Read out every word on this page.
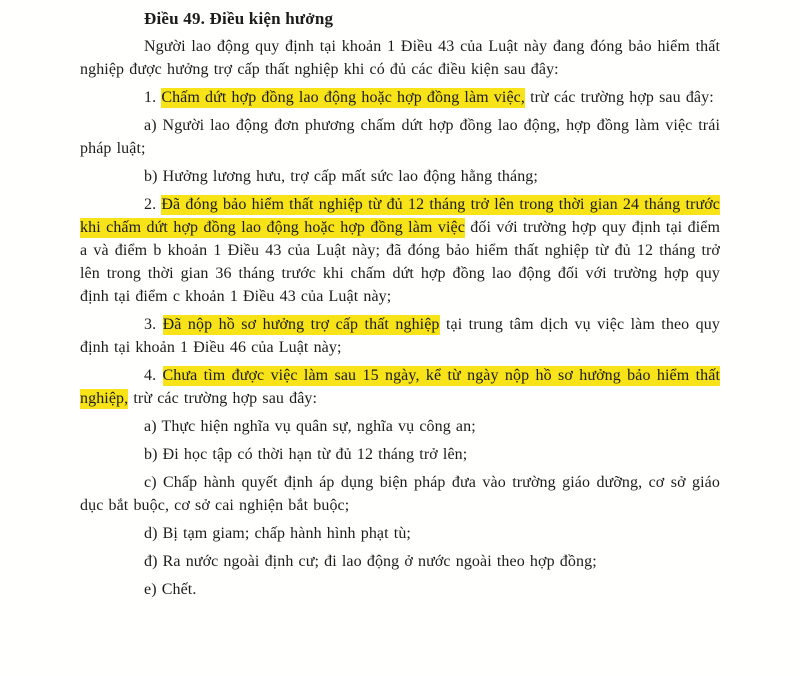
Điều 49. Điều kiện hưởng

Người lao động quy định tại khoản 1 Điều 43 của Luật này đang đóng bảo hiểm thất nghiệp được hưởng trợ cấp thất nghiệp khi có đủ các điều kiện sau đây:

1. Chấm dứt hợp đồng lao động hoặc hợp đồng làm việc, trừ các trường hợp sau đây:

a) Người lao động đơn phương chấm dứt hợp đồng lao động, hợp đồng làm việc trái pháp luật;

b) Hưởng lương hưu, trợ cấp mất sức lao động hằng tháng;

2. Đã đóng bảo hiểm thất nghiệp từ đủ 12 tháng trở lên trong thời gian 24 tháng trước khi chấm dứt hợp đồng lao động hoặc hợp đồng làm việc đối với trường hợp quy định tại điểm a và điểm b khoản 1 Điều 43 của Luật này; đã đóng bảo hiểm thất nghiệp từ đủ 12 tháng trở lên trong thời gian 36 tháng trước khi chấm dứt hợp đồng lao động đối với trường hợp quy định tại điểm c khoản 1 Điều 43 của Luật này;

3. Đã nộp hồ sơ hưởng trợ cấp thất nghiệp tại trung tâm dịch vụ việc làm theo quy định tại khoản 1 Điều 46 của Luật này;

4. Chưa tìm được việc làm sau 15 ngày, kể từ ngày nộp hồ sơ hưởng bảo hiểm thất nghiệp, trừ các trường hợp sau đây:

a) Thực hiện nghĩa vụ quân sự, nghĩa vụ công an;

b) Đi học tập có thời hạn từ đủ 12 tháng trở lên;

c) Chấp hành quyết định áp dụng biện pháp đưa vào trường giáo dưỡng, cơ sở giáo dục bắt buộc, cơ sở cai nghiện bắt buộc;

d) Bị tạm giam; chấp hành hình phạt tù;

đ) Ra nước ngoài định cư; đi lao động ở nước ngoài theo hợp đồng;

e) Chết.
